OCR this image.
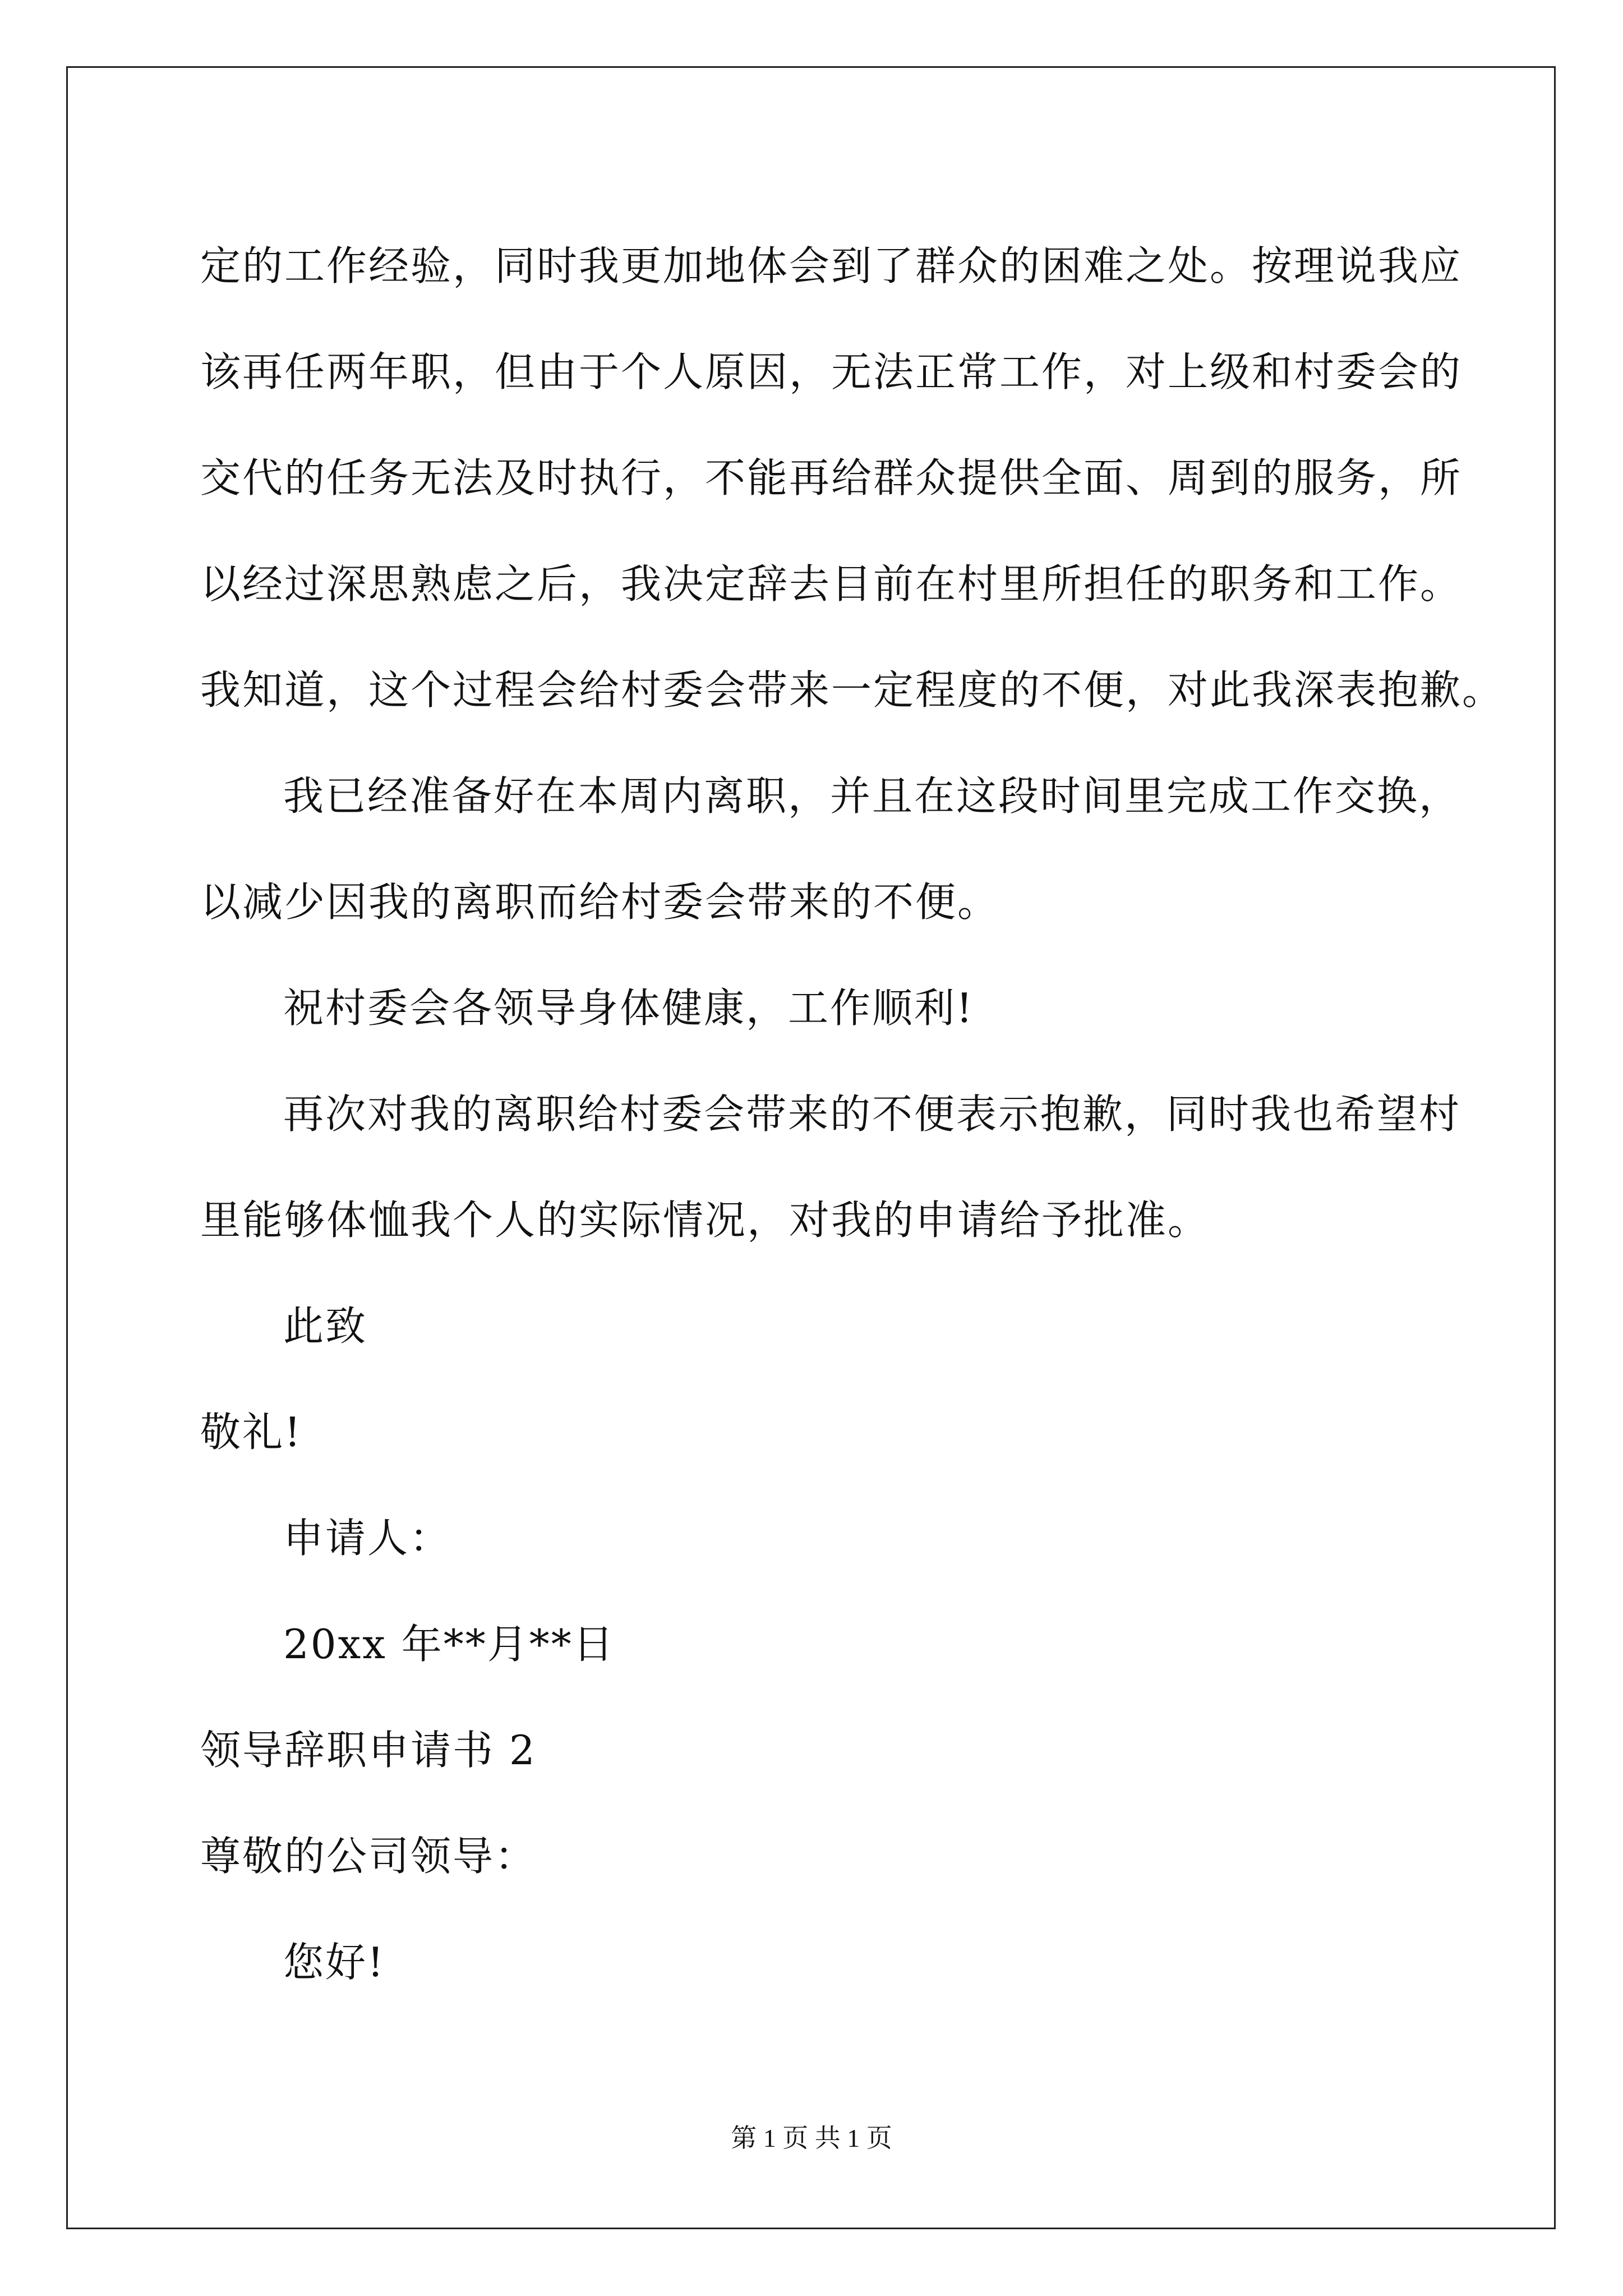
定的工作经验，同时我更加地体会到了群众的困难之处。按理说我应
该再任两年职，但由于个人原因，无法正常工作，对上级和村委会的
交代的任务无法及时执行，不能再给群众提供全面、周到的服务，所
以经过深思熟虑之后，我决定辞去目前在村里所担任的职务和工作。
我知道，这个过程会给村委会带来一定程度的不便，对此我深表抱歉。
我已经准备好在本周内离职，并且在这段时间里完成工作交换，
以减少因我的离职而给村委会带来的不便。
祝村委会各领导身体健康，工作顺利!
再次对我的离职给村委会带来的不便表示抱歉，同时我也希望村
里能够体恤我个人的实际情况，对我的申请给予批准。
此致
敬礼!
申请人：
20xx 年**月**日
领导辞职申请书 2
尊敬的公司领导：
您好!
第 1 页 共 1 页
